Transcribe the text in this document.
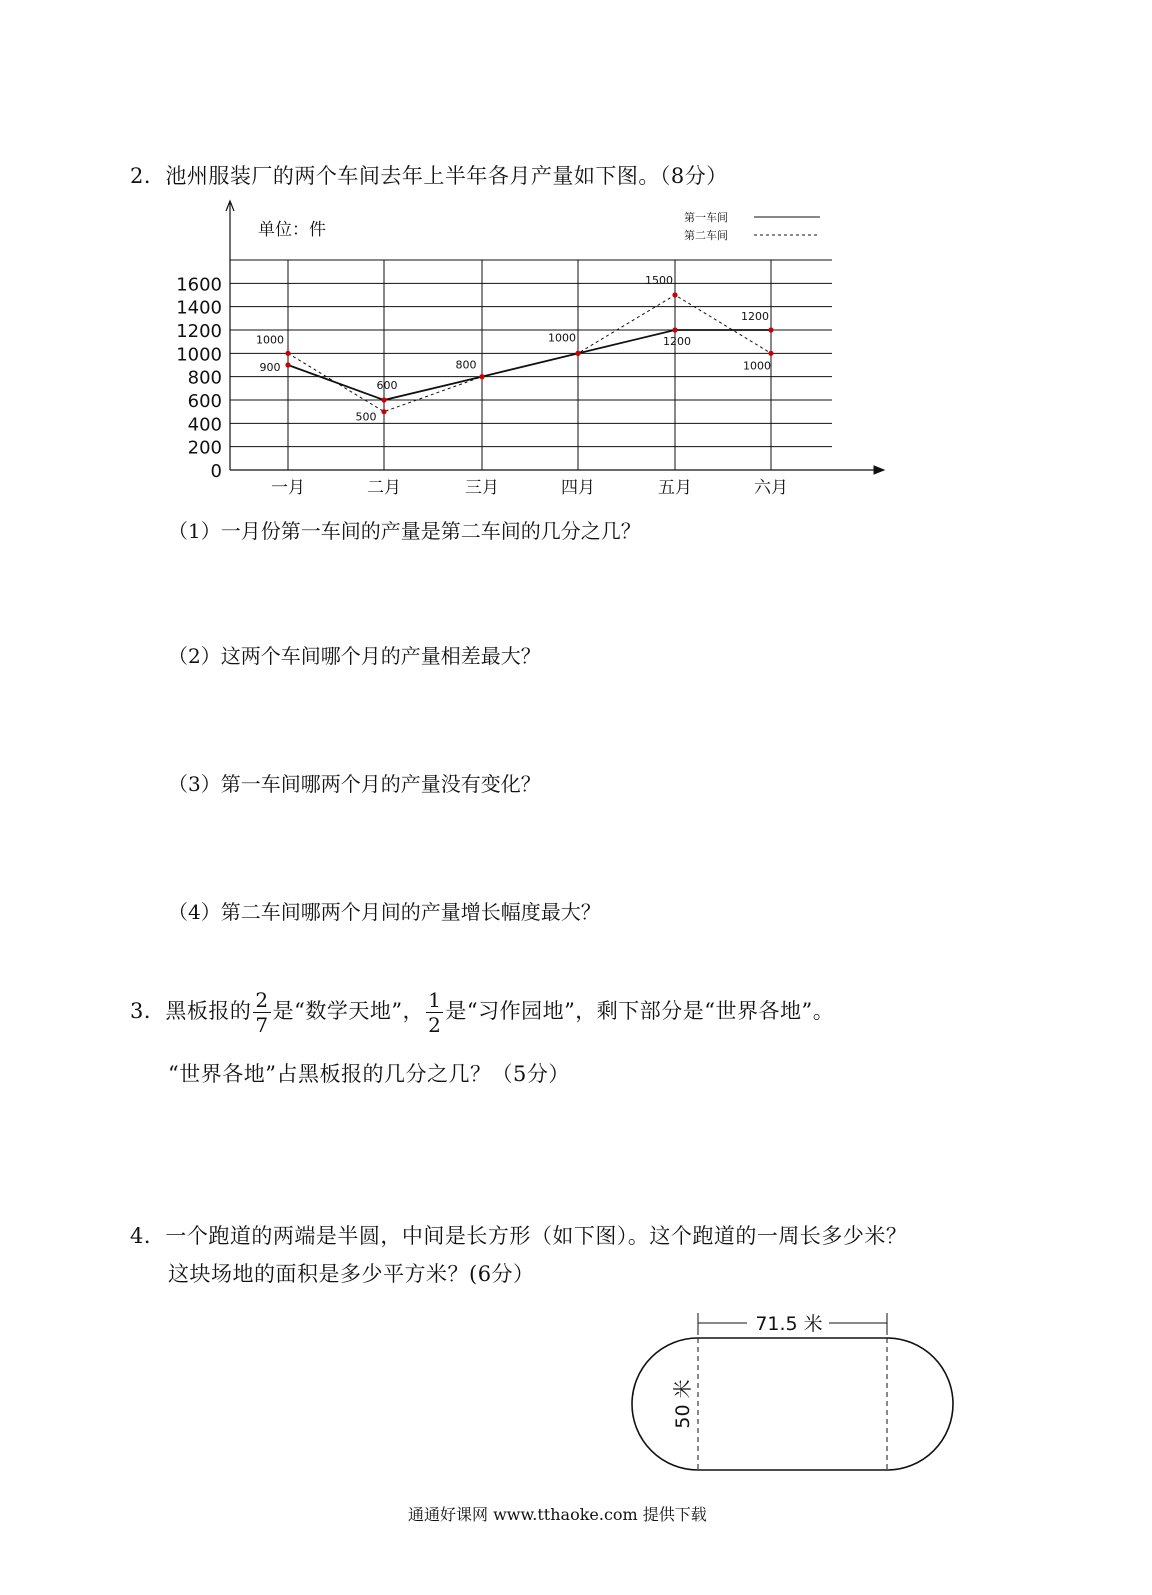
2．池州服装厂的两个车间去年上半年各月产量如下图。（8分）
0
200
400
600
800
1000
1200
1400
1600
一月	二月	三月	四月	五月	六月
900
600
800
1000	1200
1200
1000
500
1500
1000
单位：件
第一车间
第二车间
（1）一月份第一车间的产量是第二车间的几分之几？
（2）这两个车间哪个月的产量相差最大？
（3）第一车间哪两个月的产量没有变化？
（4）第二车间哪两个月间的产量增长幅度最大？
3．黑板报的 $\frac{2}{7}$ 是“数学天地”， $\frac{1}{2}$ 是“习作园地”，剩下部分是“世界各地”。
“世界各地”占黑板报的几分之几？（5分）
4．一个跑道的两端是半圆，中间是长方形（如下图）。这个跑道的一周长多少米？
这块场地的面积是多少平方米？(6分）
71.5 米
50 米
通通好课网 www.tthaoke.com 提供下载
